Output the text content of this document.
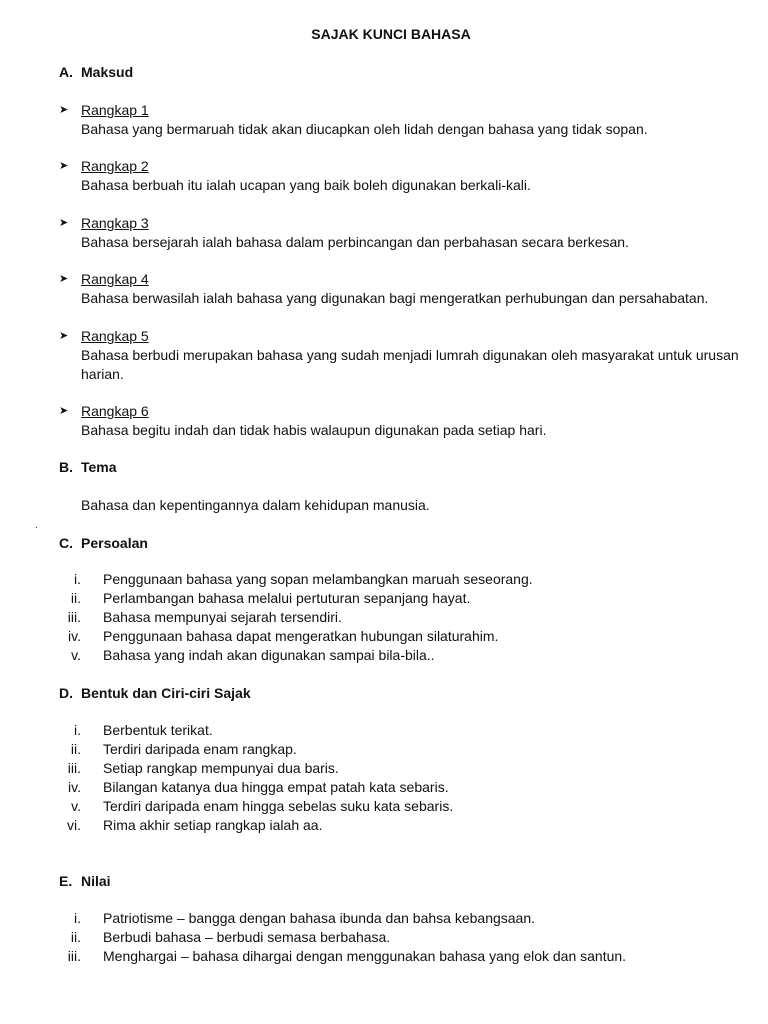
SAJAK KUNCI BAHASA
A. Maksud
➤ Rangkap 1
Bahasa yang bermaruah tidak akan diucapkan oleh lidah dengan bahasa yang tidak sopan.
➤ Rangkap 2
Bahasa berbuah itu ialah ucapan yang baik boleh digunakan berkali-kali.
➤ Rangkap 3
Bahasa bersejarah ialah bahasa dalam perbincangan dan perbahasan secara berkesan.
➤ Rangkap 4
Bahasa berwasilah ialah bahasa yang digunakan bagi mengeratkan perhubungan dan persahabatan.
➤ Rangkap 5
Bahasa berbudi merupakan bahasa yang sudah menjadi lumrah digunakan oleh masyarakat untuk urusan harian.
➤ Rangkap 6
Bahasa begitu indah dan tidak habis walaupun digunakan pada setiap hari.
B. Tema
Bahasa dan kepentingannya dalam kehidupan manusia.
.
C. Persoalan
i. Penggunaan bahasa yang sopan melambangkan maruah seseorang.
ii. Perlambangan bahasa melalui pertuturan sepanjang hayat.
iii. Bahasa mempunyai sejarah tersendiri.
iv. Penggunaan bahasa dapat mengeratkan hubungan silaturahim.
v. Bahasa yang indah akan digunakan sampai bila-bila..
D. Bentuk dan Ciri-ciri Sajak
i. Berbentuk terikat.
ii. Terdiri daripada enam rangkap.
iii. Setiap rangkap mempunyai dua baris.
iv. Bilangan katanya dua hingga empat patah kata sebaris.
v. Terdiri daripada enam hingga sebelas suku kata sebaris.
vi. Rima akhir setiap rangkap ialah aa.
E. Nilai
i. Patriotisme – bangga dengan bahasa ibunda dan bahsa kebangsaan.
ii. Berbudi bahasa – berbudi semasa berbahasa.
iii. Menghargai – bahasa dihargai dengan menggunakan bahasa yang elok dan santun.
